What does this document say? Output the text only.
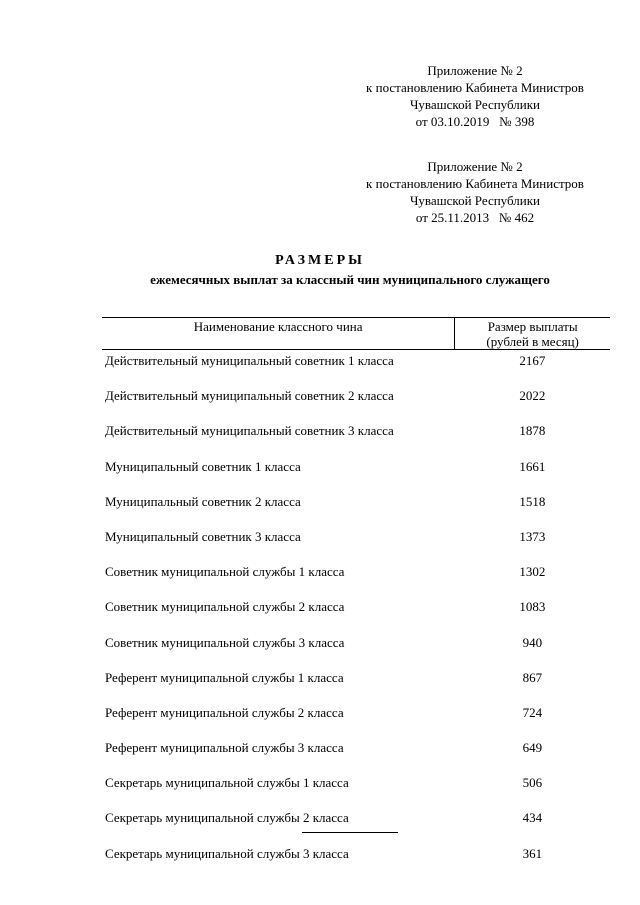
Приложение № 2
к постановлению Кабинета Министров
Чувашской Республики
от 03.10.2019   № 398
Приложение № 2
к постановлению Кабинета Министров
Чувашской Республики
от 25.11.2013   № 462
РАЗМЕРЫ
ежемесячных выплат за классный чин муниципального служащего
Наименование классного чина	Размер выплаты
(рублей в месяц)

Действительный муниципальный советник 1 класса	2167
Действительный муниципальный советник 2 класса	2022
Действительный муниципальный советник 3 класса	1878
Муниципальный советник 1 класса	1661
Муниципальный советник 2 класса	1518
Муниципальный советник 3 класса	1373
Советник муниципальной службы 1 класса	1302
Советник муниципальной службы 2 класса	1083
Советник муниципальной службы 3 класса	940
Референт муниципальной службы 1 класса	867
Референт муниципальной службы 2 класса	724
Референт муниципальной службы 3 класса	649
Секретарь муниципальной службы 1 класса	506
Секретарь муниципальной службы 2 класса	434
Секретарь муниципальной службы 3 класса	361
